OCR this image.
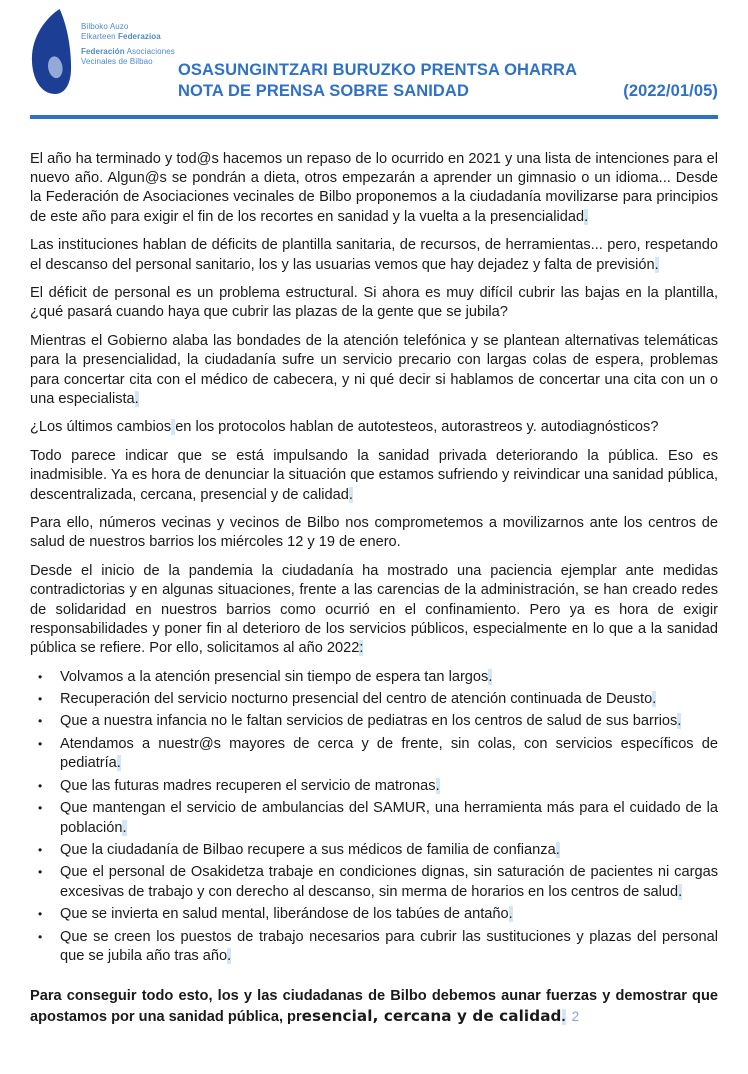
Bilboko Auzo
Elkarteen Federazioa
Federación Asociaciones
Vecinales de Bilbao	OSASUNGINTZARI BURUZKO PRENTSA OHARRA
NOTA DE PRENSA SOBRE SANIDAD	(2022/01/05)

El año ha terminado y tod@s hacemos un repaso de lo ocurrido en 2021 y una lista de intenciones para el nuevo año. Algun@s se pondrán a dieta, otros empezarán a aprender un gimnasio o un idioma... Desde la Federación de Asociaciones vecinales de Bilbo proponemos a la ciudadanía movilizarse para principios de este año para exigir el fin de los recortes en sanidad y la vuelta a la presencialidad.

Las instituciones hablan de déficits de plantilla sanitaria, de recursos, de herramientas... pero, respetando el descanso del personal sanitario, los y las usuarias vemos que hay dejadez y falta de previsión.

El déficit de personal es un problema estructural. Si ahora es muy difícil cubrir las bajas en la plantilla, ¿qué pasará cuando haya que cubrir las plazas de la gente que se jubila?

Mientras el Gobierno alaba las bondades de la atención telefónica y se plantean alternativas telemáticas para la presencialidad, la ciudadanía sufre un servicio precario con largas colas de espera, problemas para concertar cita con el médico de cabecera, y ni qué decir si hablamos de concertar una cita con un o una especialista.

¿Los últimos cambios en los protocolos hablan de autotesteos, autorastreos y. autodiagnósticos?

Todo parece indicar que se está impulsando la sanidad privada deteriorando la pública. Eso es inadmisible. Ya es hora de denunciar la situación que estamos sufriendo y reivindicar una sanidad pública, descentralizada, cercana, presencial y de calidad.

Para ello, números vecinas y vecinos de Bilbo nos comprometemos a movilizarnos ante los centros de salud de nuestros barrios los miércoles 12 y 19 de enero.

Desde el inicio de la pandemia la ciudadanía ha mostrado una paciencia ejemplar ante medidas contradictorias y en algunas situaciones, frente a las carencias de la administración, se han creado redes de solidaridad en nuestros barrios como ocurrió en el confinamiento. Pero ya es hora de exigir responsabilidades y poner fin al deterioro de los servicios públicos, especialmente en lo que a la sanidad pública se refiere. Por ello, solicitamos al año 2022:

• Volvamos a la atención presencial sin tiempo de espera tan largos.
• Recuperación del servicio nocturno presencial del centro de atención continuada de Deusto.
• Que a nuestra infancia no le faltan servicios de pediatras en los centros de salud de sus barrios.
• Atendamos a nuestr@s mayores de cerca y de frente, sin colas, con servicios específicos de pediatría.
• Que las futuras madres recuperen el servicio de matronas.
• Que mantengan el servicio de ambulancias del SAMUR, una herramienta más para el cuidado de la población.
• Que la ciudadanía de Bilbao recupere a sus médicos de familia de confianza.
• Que el personal de Osakidetza trabaje en condiciones dignas, sin saturación de pacientes ni cargas excesivas de trabajo y con derecho al descanso, sin merma de horarios en los centros de salud.
• Que se invierta en salud mental, liberándose de los tabúes de antaño.
• Que se creen los puestos de trabajo necesarios para cubrir las sustituciones y plazas del personal que se jubila año tras año.

Para conseguir todo esto, los y las ciudadanas de Bilbo debemos aunar fuerzas y demostrar que apostamos por una sanidad pública, presencial, cercana y de calidad. 2
